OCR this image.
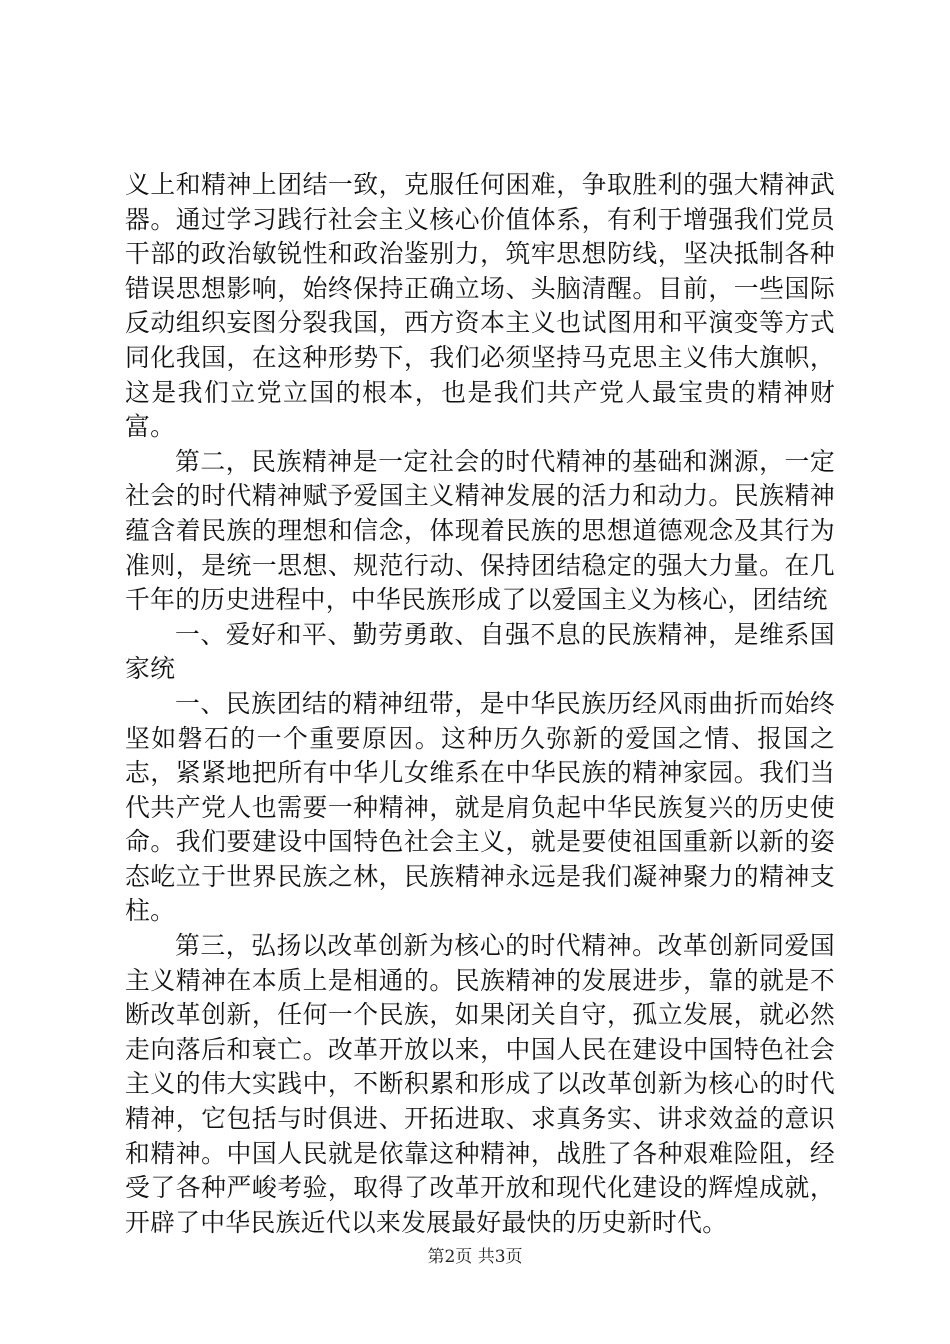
义上和精神上团结一致，克服任何困难，争取胜利的强大精神武器。通过学习践行社会主义核心价值体系，有利于增强我们党员干部的政治敏锐性和政治鉴别力，筑牢思想防线，坚决抵制各种错误思想影响，始终保持正确立场、头脑清醒。目前，一些国际反动组织妄图分裂我国，西方资本主义也试图用和平演变等方式同化我国，在这种形势下，我们必须坚持马克思主义伟大旗帜，这是我们立党立国的根本，也是我们共产党人最宝贵的精神财富。

第二，民族精神是一定社会的时代精神的基础和渊源，一定社会的时代精神赋予爱国主义精神发展的活力和动力。民族精神蕴含着民族的理想和信念，体现着民族的思想道德观念及其行为准则，是统一思想、规范行动、保持团结稳定的强大力量。在几千年的历史进程中，中华民族形成了以爱国主义为核心，团结统

一、爱好和平、勤劳勇敢、自强不息的民族精神，是维系国家统

一、民族团结的精神纽带，是中华民族历经风雨曲折而始终坚如磐石的一个重要原因。这种历久弥新的爱国之情、报国之志，紧紧地把所有中华儿女维系在中华民族的精神家园。我们当代共产党人也需要一种精神，就是肩负起中华民族复兴的历史使命。我们要建设中国特色社会主义，就是要使祖国重新以新的姿态屹立于世界民族之林，民族精神永远是我们凝神聚力的精神支柱。

第三，弘扬以改革创新为核心的时代精神。改革创新同爱国主义精神在本质上是相通的。民族精神的发展进步，靠的就是不断改革创新，任何一个民族，如果闭关自守，孤立发展，就必然走向落后和衰亡。改革开放以来，中国人民在建设中国特色社会主义的伟大实践中，不断积累和形成了以改革创新为核心的时代精神，它包括与时俱进、开拓进取、求真务实、讲求效益的意识和精神。中国人民就是依靠这种精神，战胜了各种艰难险阻，经受了各种严峻考验，取得了改革开放和现代化建设的辉煌成就，开辟了中华民族近代以来发展最好最快的历史新时代。

第2页 共3页
